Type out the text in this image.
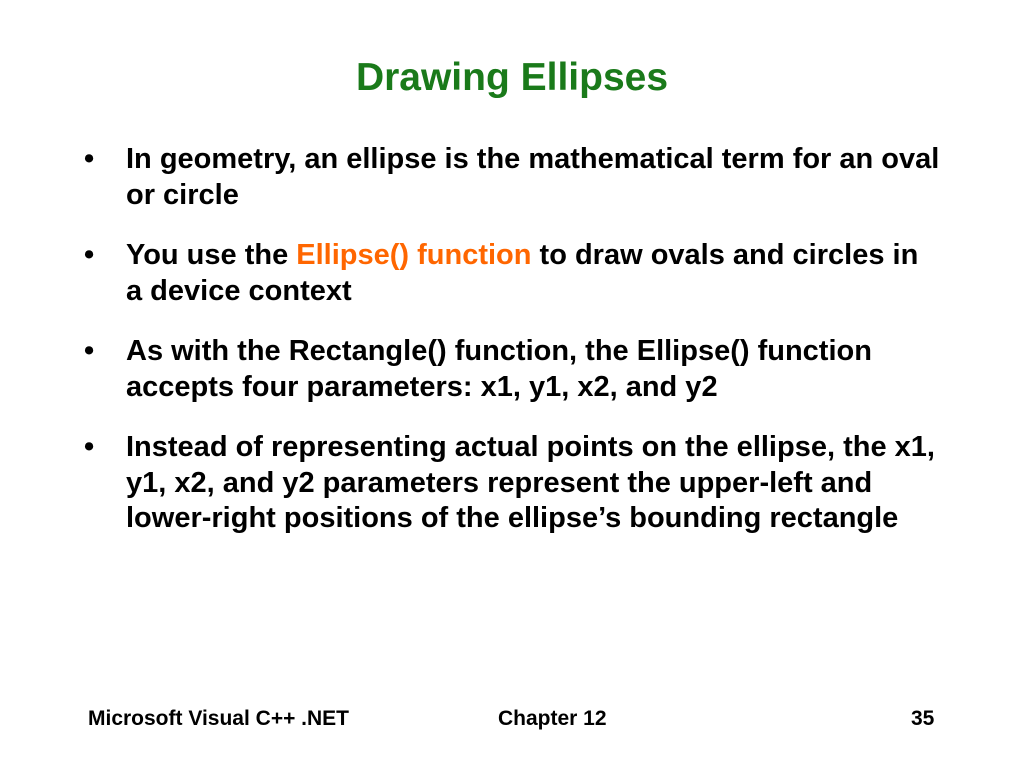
Drawing Ellipses
• In geometry, an ellipse is the mathematical term for an oval or circle
• You use the Ellipse() function to draw ovals and circles in a device context
• As with the Rectangle() function, the Ellipse() function accepts four parameters: x1, y1, x2, and y2
• Instead of representing actual points on the ellipse, the x1, y1, x2, and y2 parameters represent the upper-left and lower-right positions of the ellipse’s bounding rectangle
Microsoft Visual C++ .NET	Chapter 12	35
